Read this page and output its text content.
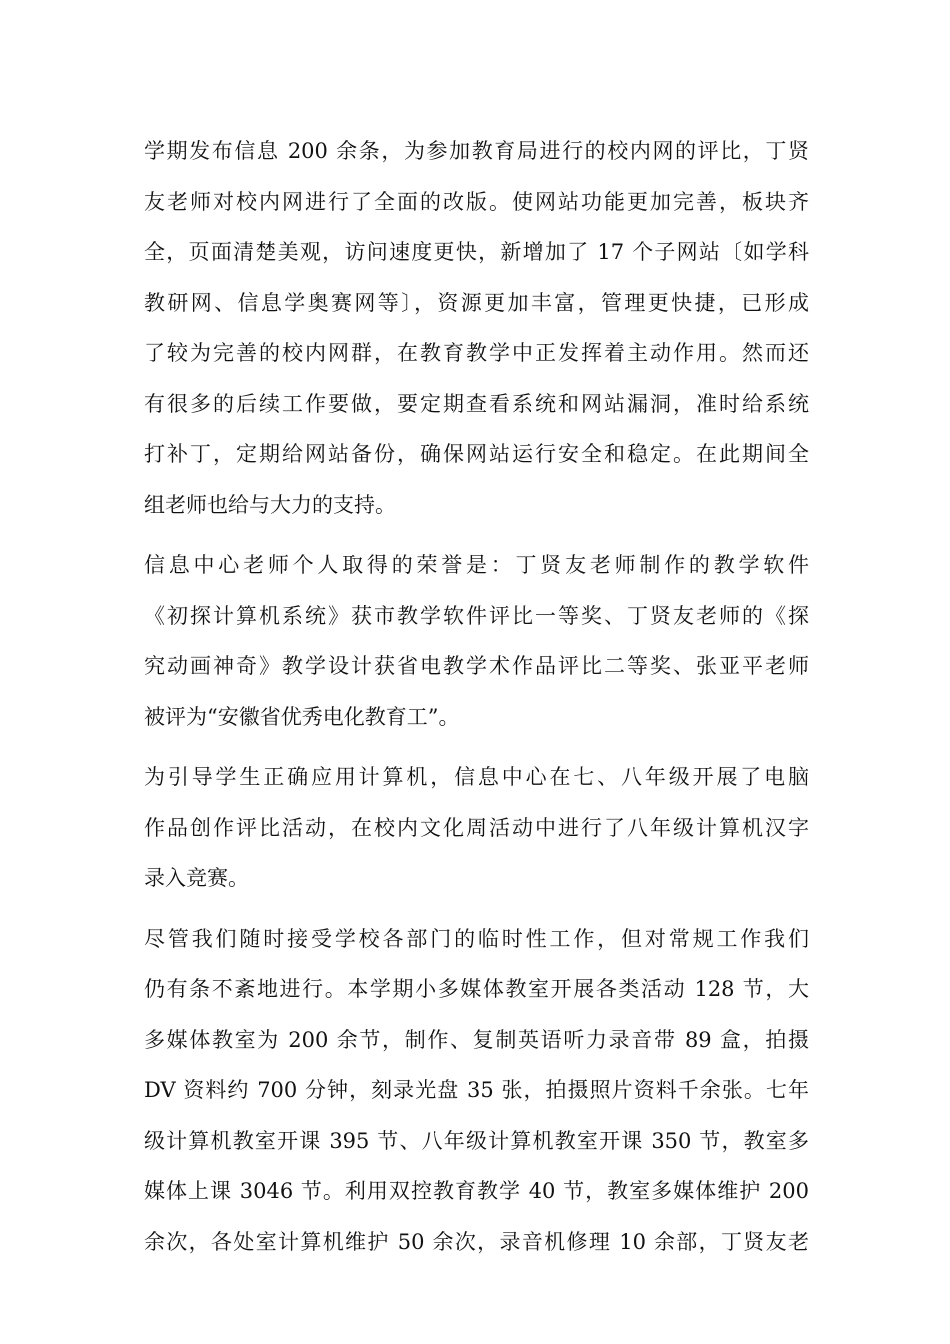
学期发布信息 200 余条，为参加教育局进行的校内网的评比，丁贤
友老师对校内网进行了全面的改版。使网站功能更加完善，板块齐
全，页面清楚美观，访问速度更快，新增加了 17 个子网站〔如学科
教研网、信息学奥赛网等〕，资源更加丰富，管理更快捷，已形成
了较为完善的校内网群，在教育教学中正发挥着主动作用。然而还
有很多的后续工作要做，要定期查看系统和网站漏洞，准时给系统
打补丁，定期给网站备份，确保网站运行安全和稳定。在此期间全
组老师也给与大力的支持。
信息中心老师个人取得的荣誉是：丁贤友老师制作的教学软件
《初探计算机系统》获市教学软件评比一等奖、丁贤友老师的《探
究动画神奇》教学设计获省电教学术作品评比二等奖、张亚平老师
被评为“安徽省优秀电化教育工”。
为引导学生正确应用计算机，信息中心在七、八年级开展了电脑
作品创作评比活动，在校内文化周活动中进行了八年级计算机汉字
录入竞赛。
尽管我们随时接受学校各部门的临时性工作，但对常规工作我们
仍有条不紊地进行。本学期小多媒体教室开展各类活动 128 节，大
多媒体教室为 200 余节，制作、复制英语听力录音带 89 盒，拍摄
DV 资料约 700 分钟，刻录光盘 35 张，拍摄照片资料千余张。七年
级计算机教室开课 395 节、八年级计算机教室开课 350 节，教室多
媒体上课 3046 节。利用双控教育教学 40 节，教室多媒体维护 200
余次，各处室计算机维护 50 余次，录音机修理 10 余部，丁贤友老
